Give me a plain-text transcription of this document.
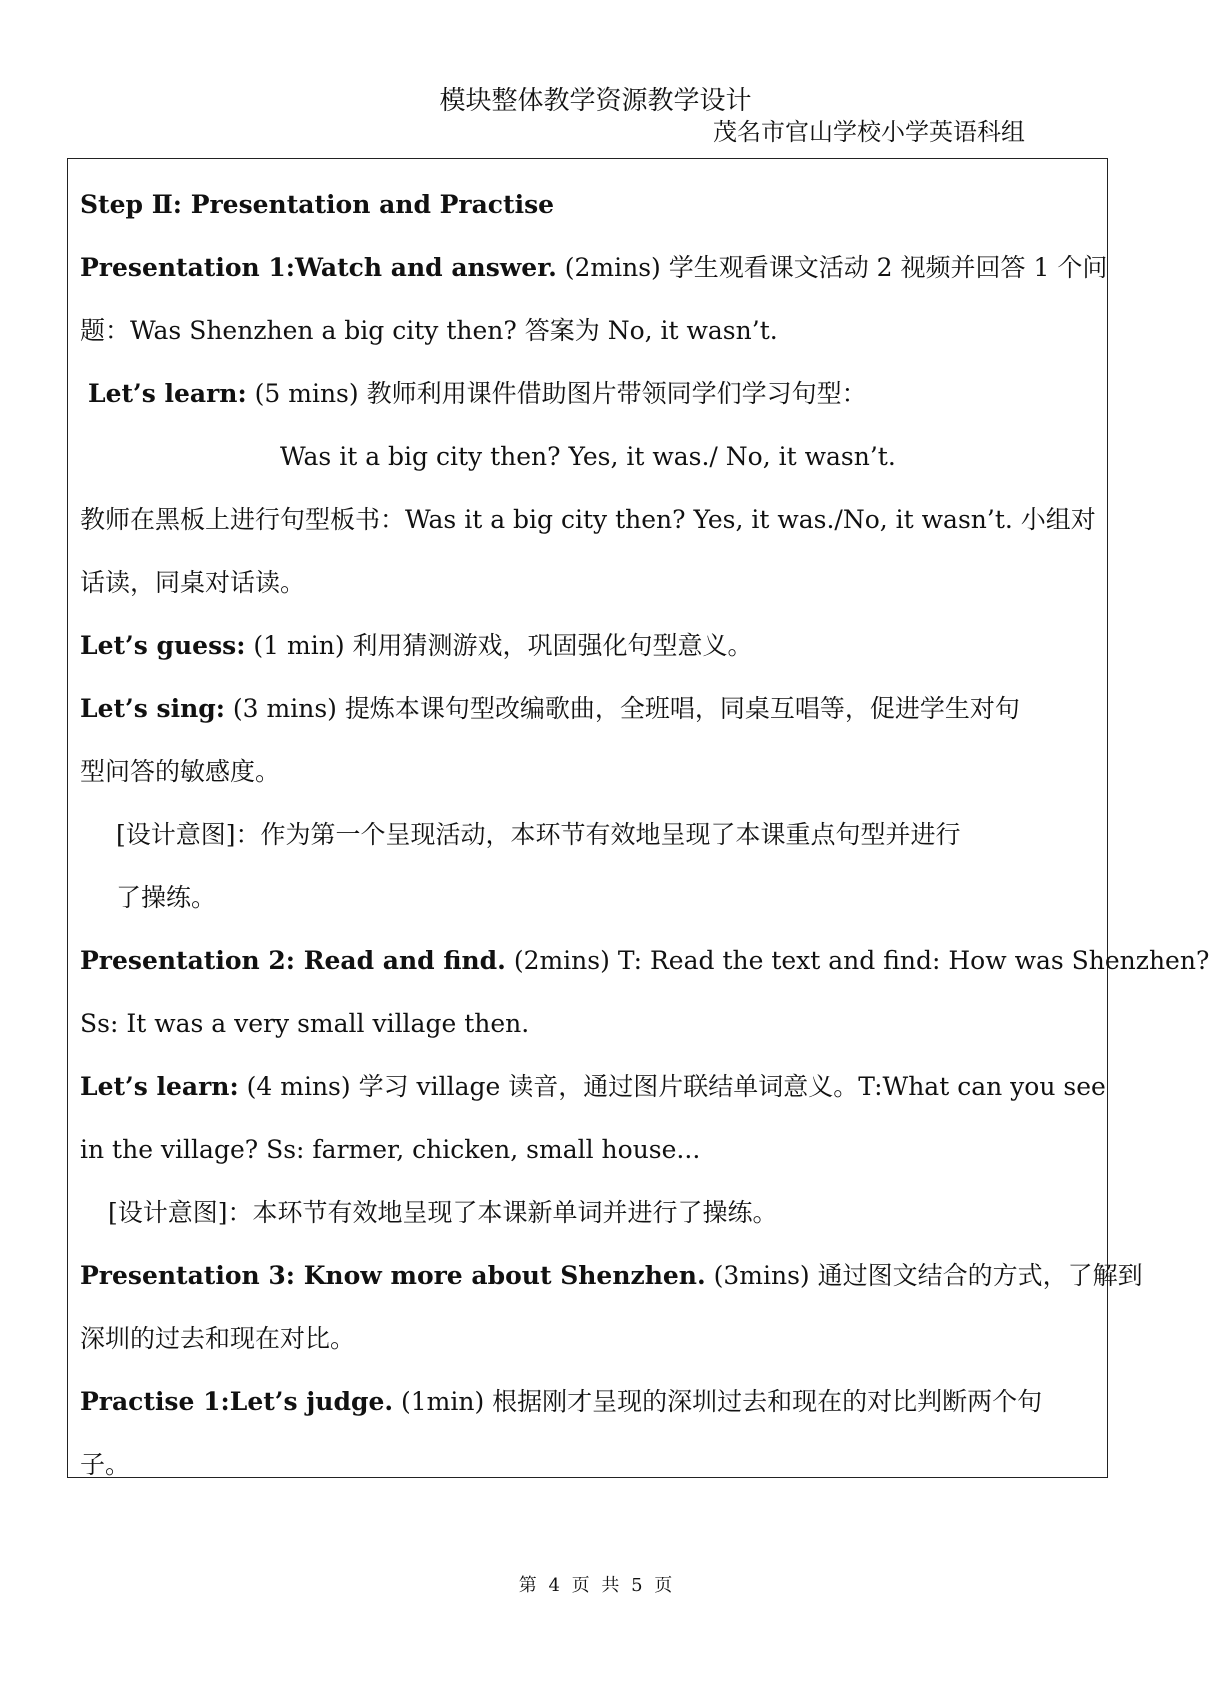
模块整体教学资源教学设计
茂名市官山学校小学英语科组
Step Ⅱ: Presentation and Practise
Presentation 1:Watch and answer. (2mins) 学生观看课文活动 2 视频并回答 1 个问
题：Was Shenzhen a big city then? 答案为 No, it wasn’t.
Let’s learn: (5 mins) 教师利用课件借助图片带领同学们学习句型：
Was it a big city then? Yes, it was./ No, it wasn’t.
教师在黑板上进行句型板书：Was it a big city then? Yes, it was./No, it wasn’t. 小组对
话读，同桌对话读。
Let’s guess: (1 min) 利用猜测游戏，巩固强化句型意义。
Let’s sing: (3 mins) 提炼本课句型改编歌曲，全班唱，同桌互唱等，促进学生对句
型问答的敏感度。
[设计意图]：作为第一个呈现活动，本环节有效地呈现了本课重点句型并进行
了操练。
Presentation 2: Read and find. (2mins) T: Read the text and find: How was Shenzhen?
Ss: It was a very small village then.
Let’s learn: (4 mins) 学习 village 读音，通过图片联结单词意义。T:What can you see
in the village? Ss: farmer, chicken, small house...
[设计意图]：本环节有效地呈现了本课新单词并进行了操练。
Presentation 3: Know more about Shenzhen. (3mins) 通过图文结合的方式，了解到
深圳的过去和现在对比。
Practise 1:Let’s judge. (1min) 根据刚才呈现的深圳过去和现在的对比判断两个句
子。
第 4 页 共 5 页
